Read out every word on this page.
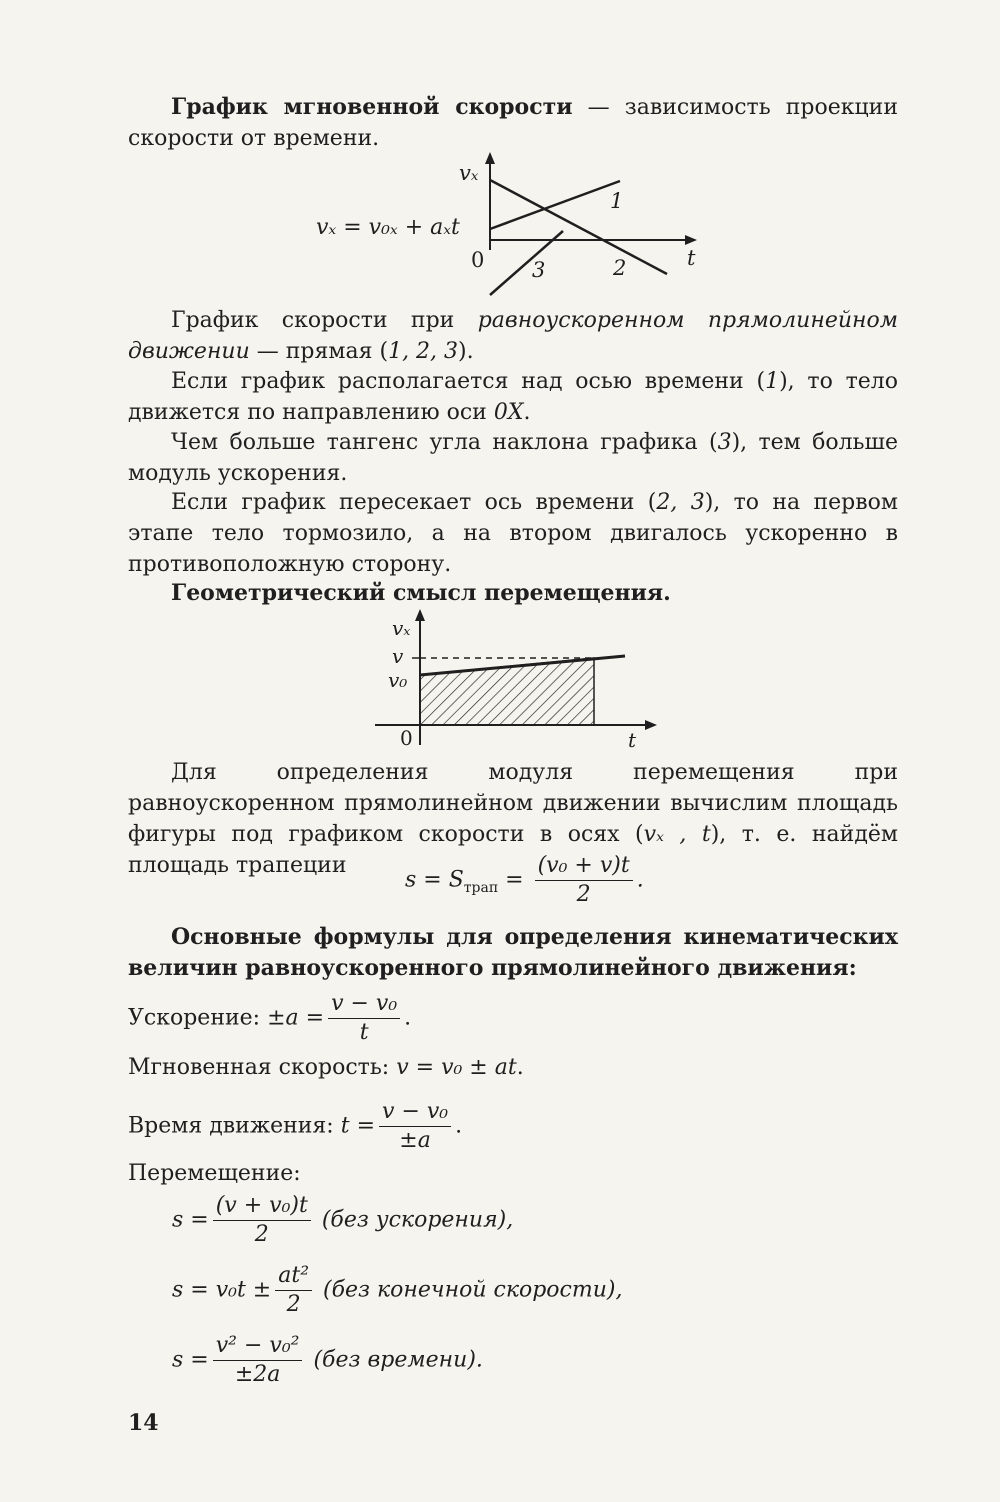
График мгновенной скорости — зависимость проекции скорости от времени.
vₓ = v₀ₓ + aₓt
vₓ
t
0
1
2
3
График скорости при равноускоренном прямолинейном движении — прямая (1, 2, 3).
Если график располагается над осью времени (1), то тело движется по направлению оси 0X.
Чем больше тангенс угла наклона графика (3), тем больше модуль ускорения.
Если график пересекает ось времени (2, 3), то на первом этапе тело тормозило, а на втором двигалось ускоренно в противоположную сторону.
Геометрический смысл перемещения.
vₓ
t
0
v
v₀
Для определения модуля перемещения при равноускоренном прямолинейном движении вычислим площадь фигуры под графиком скорости в осях (vₓ , t), т. е. найдём площадь трапеции
$s = S_{трап} = \frac{\text{(v₀ + v)t}}{2}$ .
Основные формулы для определения кинематических величин равноускоренного прямолинейного движения:
Ускорение: $\pm a = \frac{\text{v − v₀}}{t}$ .
Мгновенная скорость: v = v₀ ± at.
Время движения: $t = \frac{\text{v − v₀}}{\pm a}$ .
Перемещение:
$s = \frac{\text{(v + v₀)t}}{2} (без$ ускорения),
$s = v_0t \pm \frac{\text{at²}}{2} (без$ конечной скорости),
$s = \frac{\text{v² − v₀²}}{\pm 2a} (без$ времени).
14
